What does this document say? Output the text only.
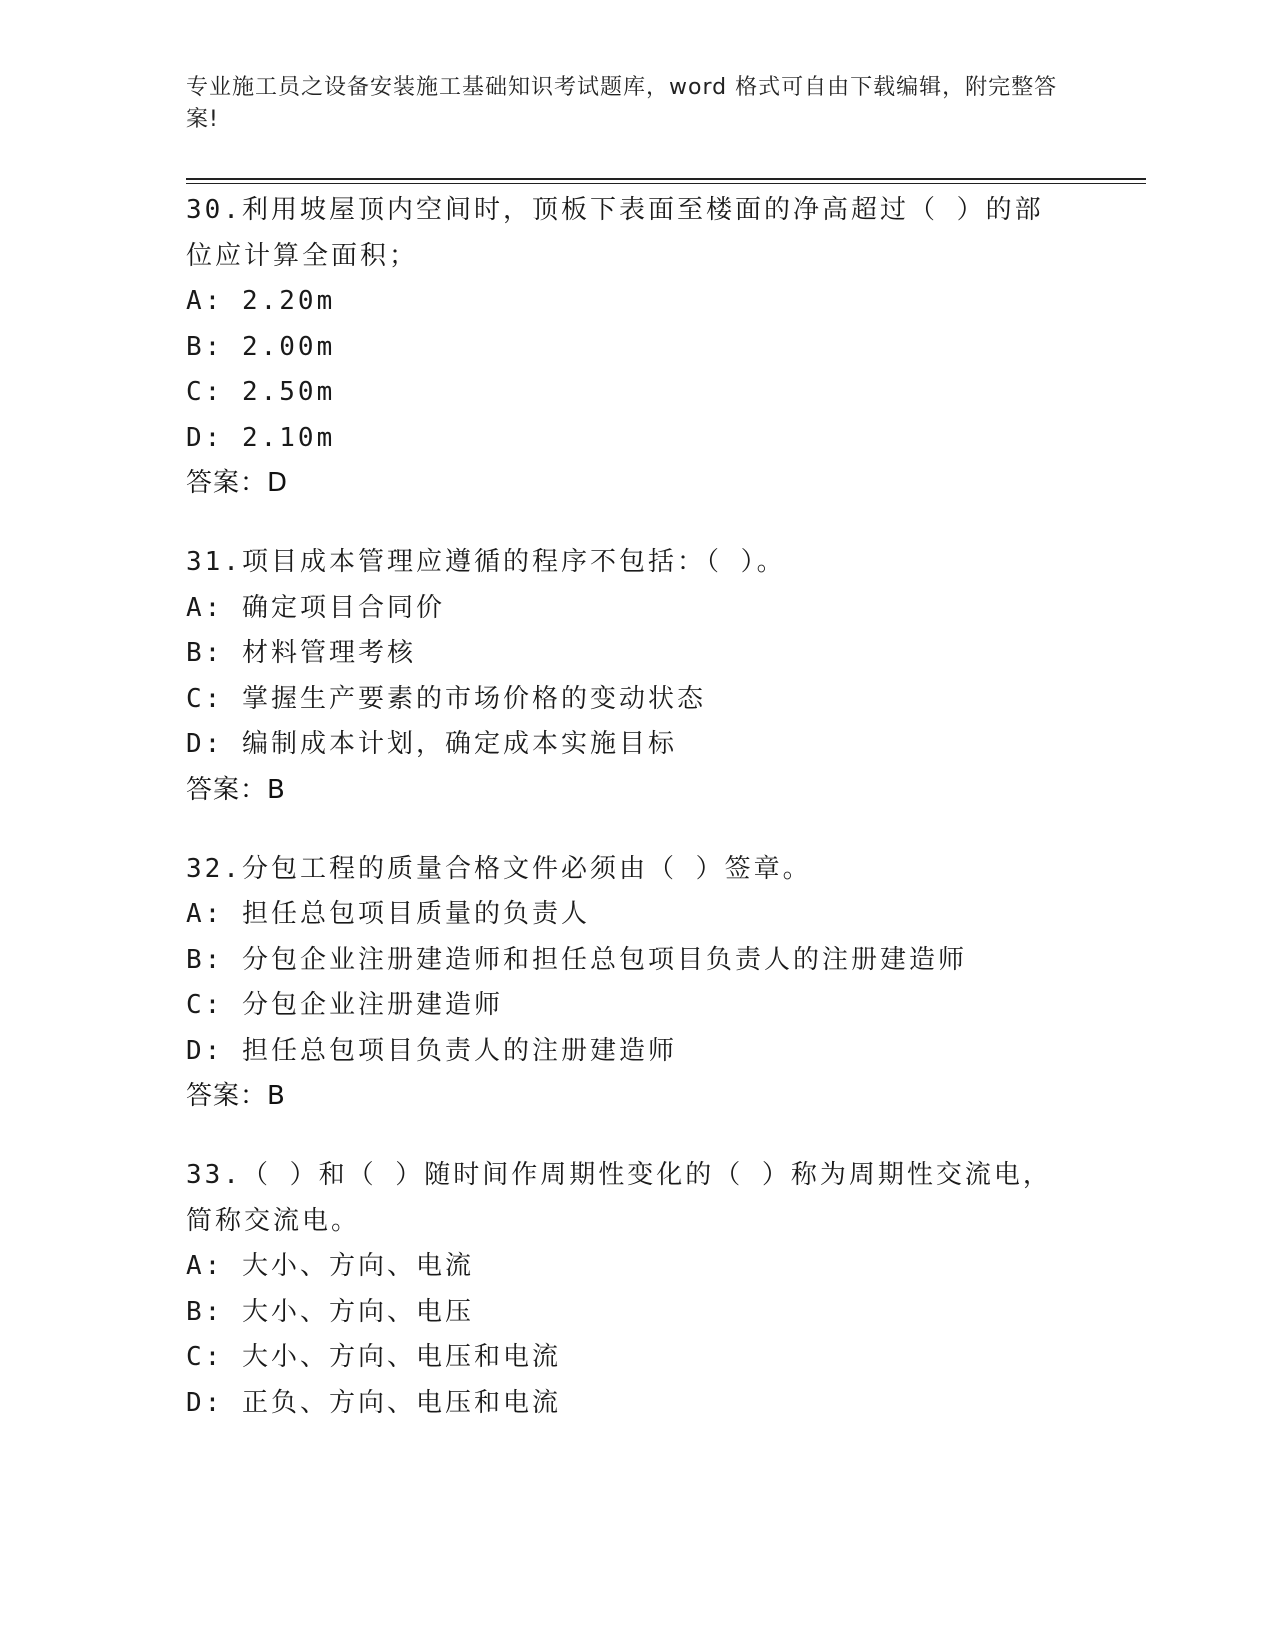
专业施工员之设备安装施工基础知识考试题库，word 格式可自由下载编辑，附完整答案!

30.利用坡屋顶内空间时，顶板下表面至楼面的净高超过（ ）的部位应计算全面积；

A: 2.20m

B: 2.00m

C: 2.50m

D: 2.10m

答案：D

31.项目成本管理应遵循的程序不包括：（ ）。

A: 确定项目合同价

B: 材料管理考核

C: 掌握生产要素的市场价格的变动状态

D: 编制成本计划，确定成本实施目标

答案：B

32.分包工程的质量合格文件必须由（ ）签章。

A: 担任总包项目质量的负责人

B: 分包企业注册建造师和担任总包项目负责人的注册建造师

C: 分包企业注册建造师

D: 担任总包项目负责人的注册建造师

答案：B

33.（ ）和（ ）随时间作周期性变化的（ ）称为周期性交流电，简称交流电。

A: 大小、方向、电流

B: 大小、方向、电压

C: 大小、方向、电压和电流

D: 正负、方向、电压和电流
